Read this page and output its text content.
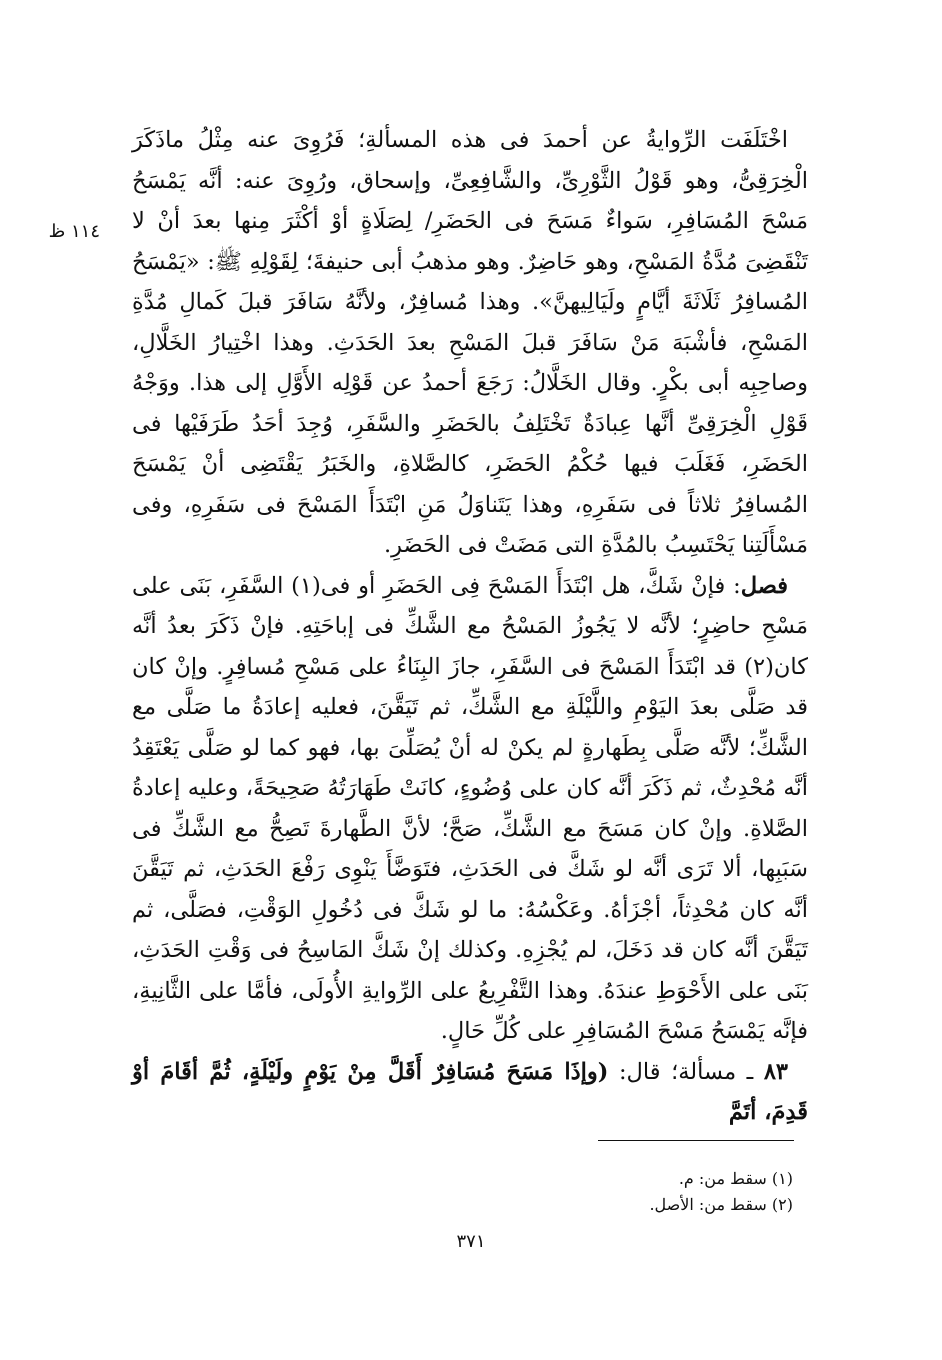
١١٤ ظ

اخْتَلَفَت الرِّوايةُ عن أحمدَ فى هذه المسألةِ؛ فَرُوِىَ عنه مِثْلُ ماذَكَرَ الْخِرَقِىُّ، وهو قَوْلُ الثَّوْرِىِّ، والشَّافِعِىِّ، وإسحاق، ورُوِىَ عنه: أنَّه يَمْسَحُ مَسْحَ المُسَافِرِ، سَواءٌ مَسَحَ فى الحَضَرِ/ لِصَلَاةٍ أوْ أكْثَرَ مِنها بعدَ أنْ لا تَنْقَضِىَ مُدَّةُ المَسْحِ، وهو حَاضِرٌ. وهو مذهبُ أبى حنيفةَ؛ لِقَوْلِهِ ﷺ: «يَمْسَحُ المُسافِرُ ثَلَاثَةَ أيَّامٍ ولَيَالِيهنَّ». وهذا مُسافِرٌ، ولأنَّهُ سَافَرَ قبلَ كَمالِ مُدَّةِ المَسْحِ، فأشْبَهَ مَنْ سَافَرَ قبلَ المَسْحِ بعدَ الحَدَثِ. وهذا اخْتِيارُ الخَلَّالِ، وصاحِبِه أبى بكْرٍ. وقال الخَلَّالُ: رَجَعَ أحمدُ عن قَوْلِه الأَوَّلِ إلى هذا. ووَجْهُ قَوْلِ الْخِرَقِىِّ أنَّها عِبادَةٌ تَخْتَلِفُ بالحَضَرِ والسَّفَرِ، وُجِدَ أحَدُ طَرَفَيْها فى الحَضَرِ، فَغَلَبَ فيها حُكْمُ الحَضَرِ، كالصَّلاةِ، والخَبَرُ يَقْتَضِى أنْ يَمْسَحَ المُسافِرُ ثلاثاً فى سَفَرِهِ، وهذا يَتَناوَلُ مَنِ ابْتَدَأَ المَسْحَ فى سَفَرِهِ، وفى مَسْأَلَتِنا يَحْتَسِبُ بالمُدَّةِ التى مَضَتْ فى الحَضَرِ.

فصل: فإنْ شَكَّ، هل ابْتَدَأَ المَسْحَ فِى الحَضَرِ أو فى(١) السَّفَرِ، بَنَى على مَسْحِ حاضِرٍ؛ لأنَّه لا يَجُوزُ المَسْحُ مع الشَّكِّ فى إباحَتِهِ. فإنْ ذَكَرَ بعدُ أنَّه كان(٢) قد ابْتَدَأَ المَسْحَ فى السَّفَرِ، جازَ البِنَاءُ على مَسْحِ مُسافِرٍ. وإنْ كان قد صَلَّى بعدَ اليَوْمِ واللَّيْلَةِ مع الشَّكِّ، ثم تَيَقَّنَ، فعليه إعادَةُ ما صَلَّى مع الشَّكِّ؛ لأنَّه صَلَّى بِطَهارةٍ لم يكنْ له أنْ يُصَلِّىَ بها، فهو كما لو صَلَّى يَعْتَقِدُ أنَّه مُحْدِثٌ، ثم ذَكَرَ أنَّه كان على وُضُوءٍ، كانَتْ طَهَارَتُهُ صَحِيحَةً، وعليه إعادةُ الصَّلاةِ. وإنْ كان مَسَحَ مع الشَّكِّ، صَحَّ؛ لأنَّ الطَّهارةَ تَصِحُّ مع الشَّكِّ فى سَبَبِها، ألا تَرَى أنَّه لو شَكَّ فى الحَدَثِ، فتَوَضَّأَ يَنْوِى رَفْعَ الحَدَثِ، ثم تَيَقَّنَ أنَّه كان مُحْدِثاً، أجْزَأهُ. وعَكْسُهُ: ما لو شَكَّ فى دُخُولِ الوَقْتِ، فصَلَّى، ثم تَيَقَّنَ أنَّه كان قد دَخَلَ، لم يُجْزِهِ. وكذلك إنْ شَكَّ المَاسِحُ فى وَقْتِ الحَدَثِ، بَنَى على الأَحْوَطِ عندَهُ. وهذا التَّفْرِيعُ على الرِّوايةِ الأُولَى، فأمَّا على الثَّانِيةِ، فإنَّه يَمْسَحُ مَسْحَ المُسَافِرِ على كُلِّ حَالٍ.

٨٣ ـ مسألة؛ قال: (وإذَا مَسَحَ مُسَافِرٌ أَقَلَّ مِنْ يَوْمٍ ولَيْلَةٍ، ثُمَّ أقَامَ أوْ قَدِمَ، أتَمَّ

(١) سقط من: م.
(٢) سقط من: الأصل.
٣٧١
